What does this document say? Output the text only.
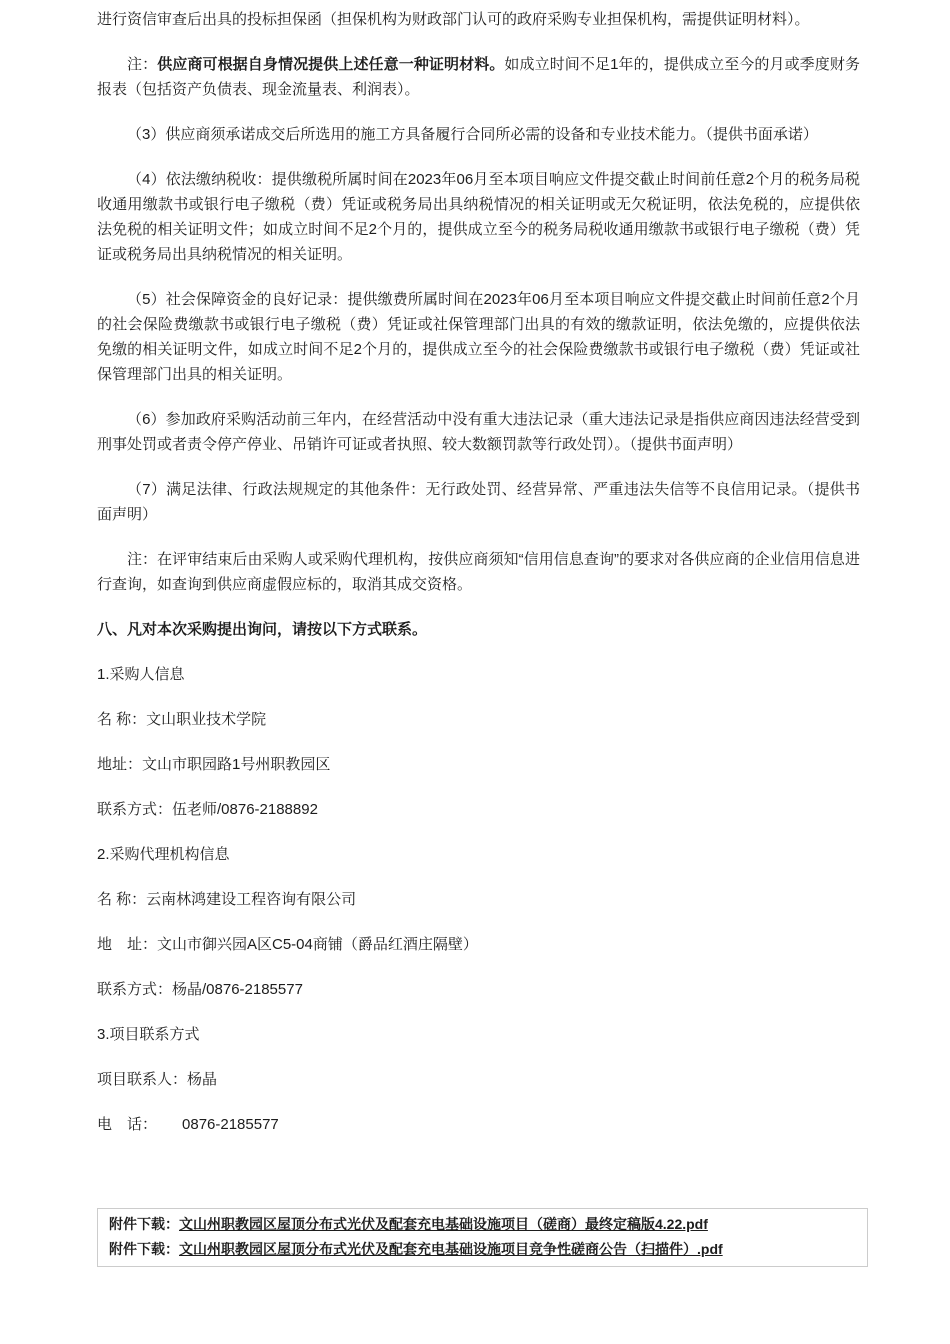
进行资信审查后出具的投标担保函（担保机构为财政部门认可的政府采购专业担保机构，需提供证明材料）。

注：供应商可根据自身情况提供上述任意一种证明材料。如成立时间不足1年的，提供成立至今的月或季度财务报表（包括资产负债表、现金流量表、利润表）。

（3）供应商须承诺成交后所选用的施工方具备履行合同所必需的设备和专业技术能力。（提供书面承诺）

（4）依法缴纳税收：提供缴税所属时间在2023年06月至本项目响应文件提交截止时间前任意2个月的税务局税收通用缴款书或银行电子缴税（费）凭证或税务局出具纳税情况的相关证明或无欠税证明，依法免税的，应提供依法免税的相关证明文件；如成立时间不足2个月的，提供成立至今的税务局税收通用缴款书或银行电子缴税（费）凭证或税务局出具纳税情况的相关证明。

（5）社会保障资金的良好记录：提供缴费所属时间在2023年06月至本项目响应文件提交截止时间前任意2个月的社会保险费缴款书或银行电子缴税（费）凭证或社保管理部门出具的有效的缴款证明，依法免缴的，应提供依法免缴的相关证明文件，如成立时间不足2个月的，提供成立至今的社会保险费缴款书或银行电子缴税（费）凭证或社保管理部门出具的相关证明。

（6）参加政府采购活动前三年内，在经营活动中没有重大违法记录（重大违法记录是指供应商因违法经营受到刑事处罚或者责令停产停业、吊销许可证或者执照、较大数额罚款等行政处罚）。（提供书面声明）

（7）满足法律、行政法规规定的其他条件：无行政处罚、经营异常、严重违法失信等不良信用记录。（提供书面声明）

注：在评审结束后由采购人或采购代理机构，按供应商须知“信用信息查询”的要求对各供应商的企业信用信息进行查询，如查询到供应商虚假应标的，取消其成交资格。

八、凡对本次采购提出询问，请按以下方式联系。

1.采购人信息

名 称：文山职业技术学院

地址：文山市职园路1号州职教园区

联系方式：伍老师/0876-2188892

2.采购代理机构信息

名 称：云南林鸿建设工程咨询有限公司

地　址：文山市御兴园A区C5-04商铺（爵品红酒庄隔壁）

联系方式：杨晶/0876-2185577

3.项目联系方式

项目联系人：杨晶

电　话：      0876-2185577

附件下载：文山州职教园区屋顶分布式光伏及配套充电基础设施项目（磋商）最终定稿版4.22.pdf
附件下载：文山州职教园区屋顶分布式光伏及配套充电基础设施项目竞争性磋商公告（扫描件）.pdf
